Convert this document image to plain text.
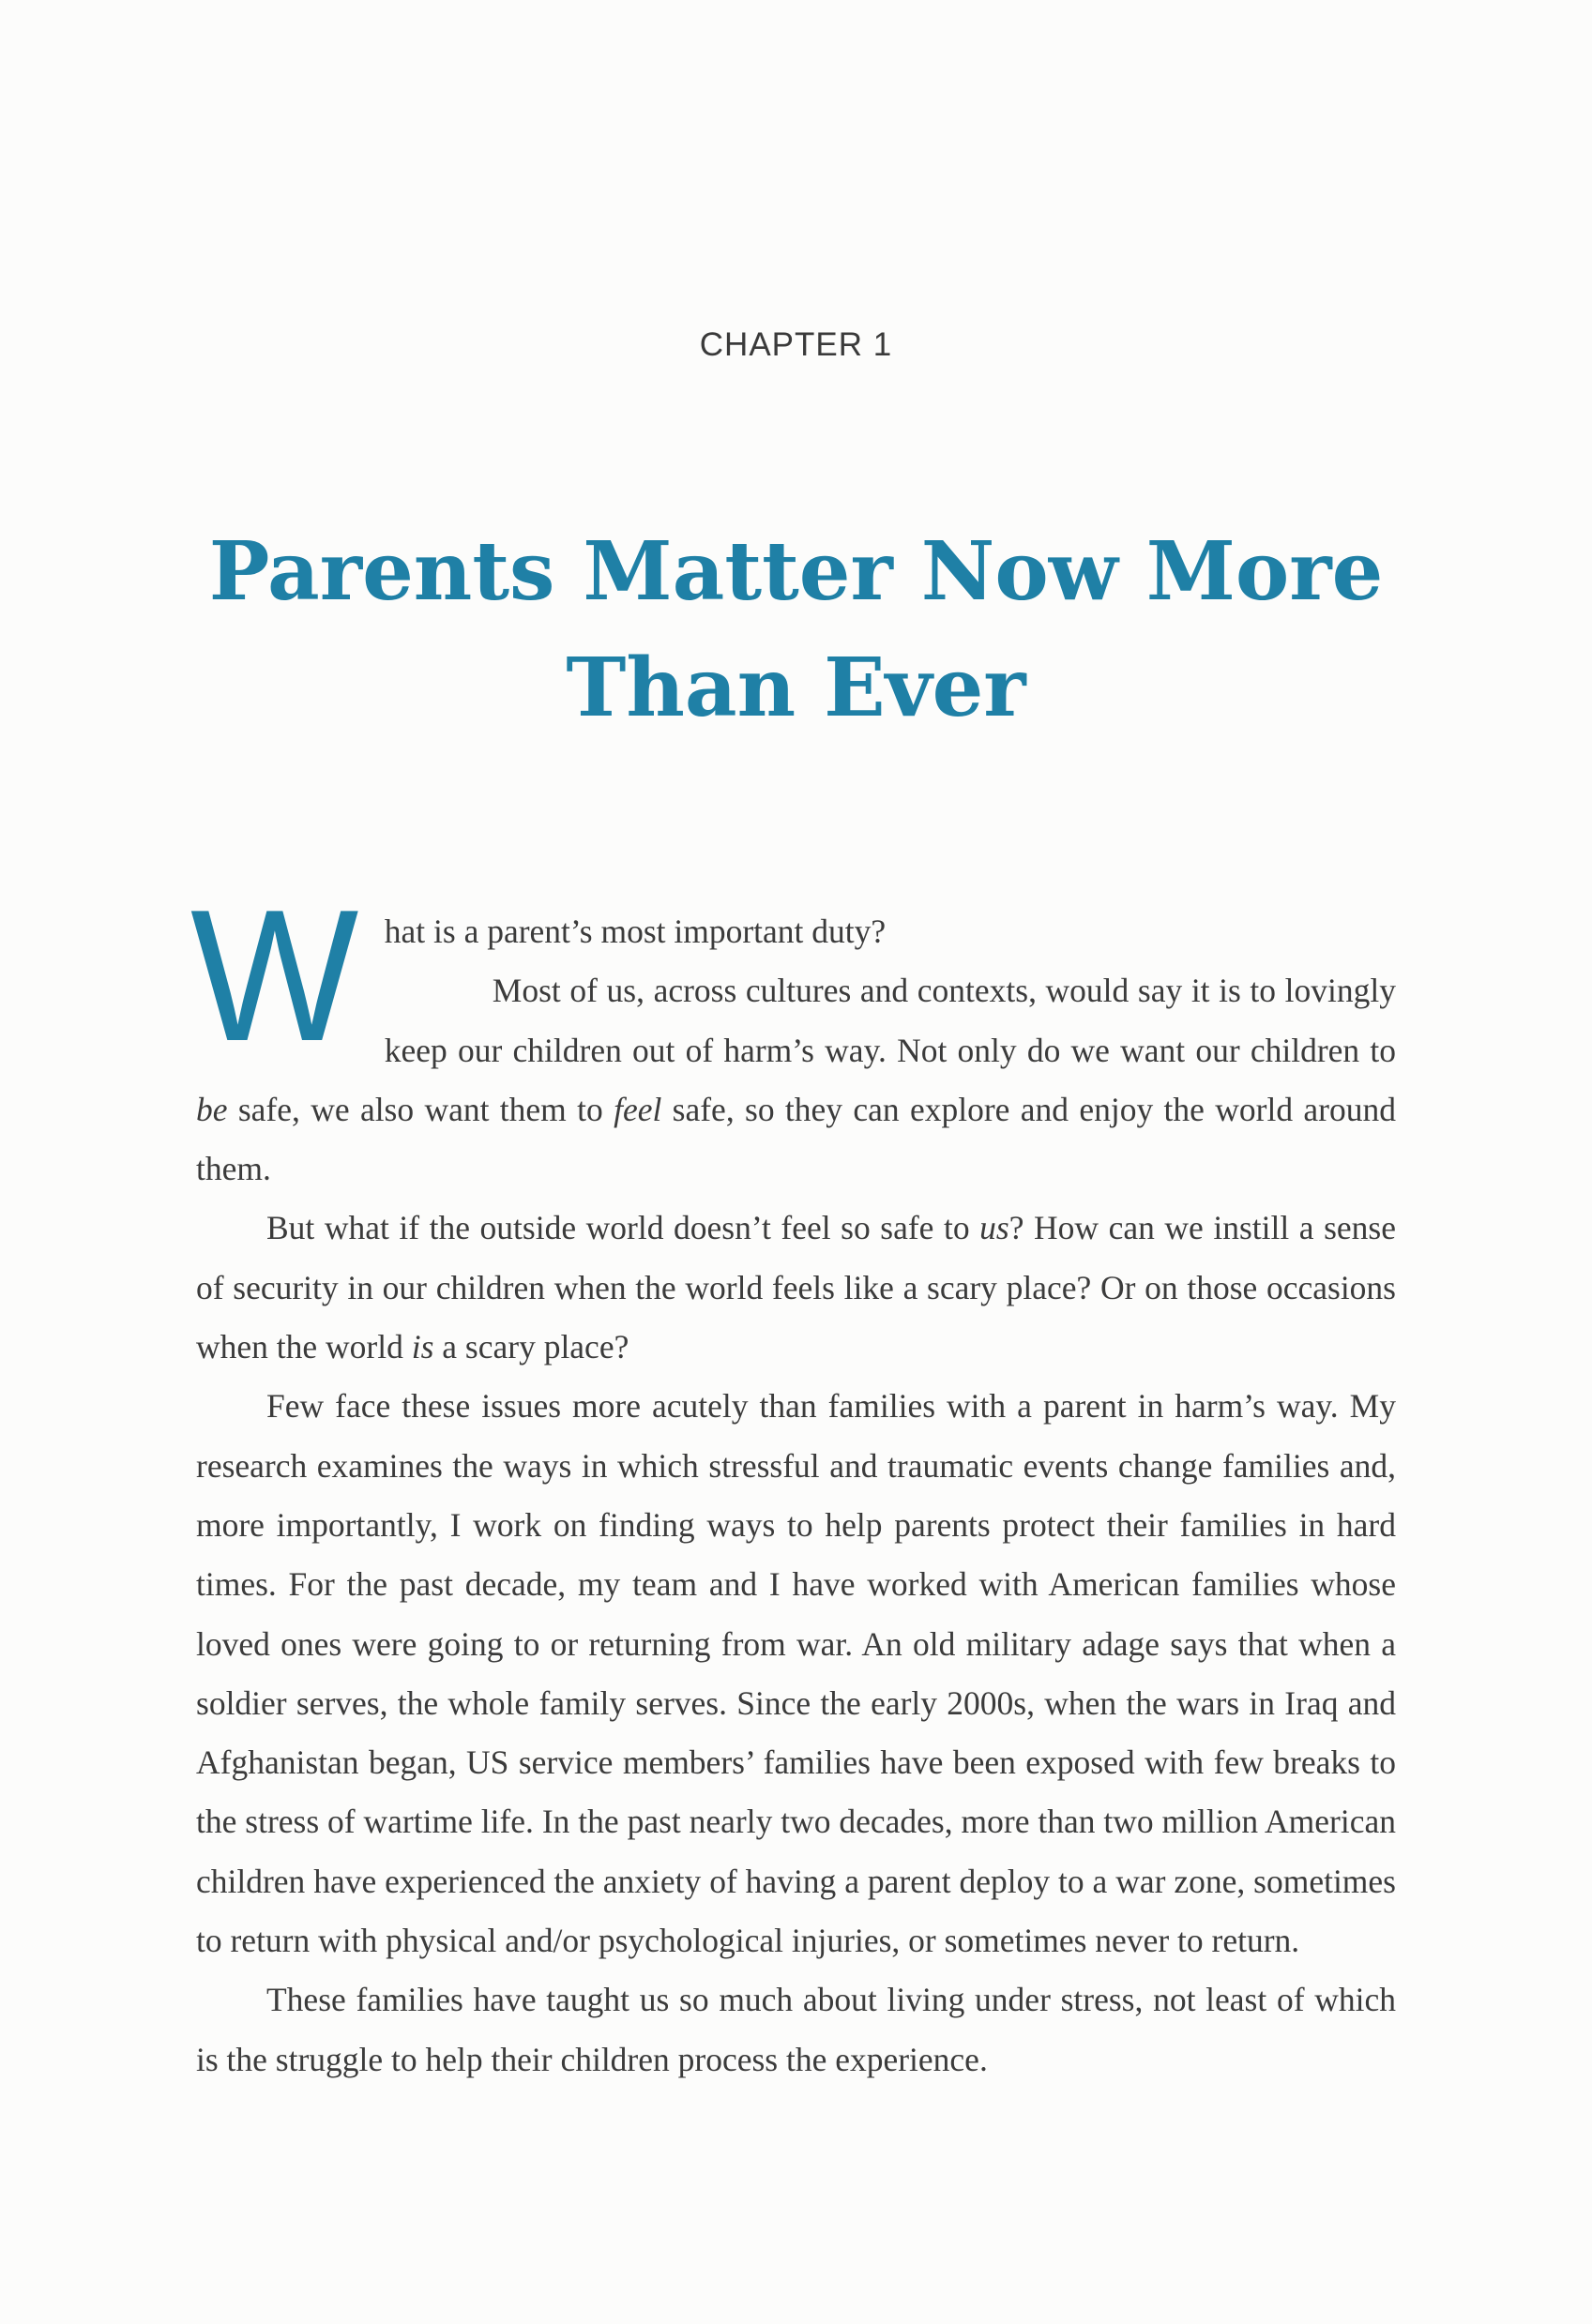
CHAPTER 1
Parents Matter Now More
Than Ever
W hat is a parent’s most important duty?

Most of us, across cultures and contexts, would say it is to lovingly keep our children out of harm’s way. Not only do we want our children to be safe, we also want them to feel safe, so they can explore and enjoy the world around them.

But what if the outside world doesn’t feel so safe to us? How can we instill a sense of security in our children when the world feels like a scary place? Or on those occasions when the world is a scary place?

Few face these issues more acutely than families with a parent in harm’s way. My research examines the ways in which stressful and traumatic events change families and, more importantly, I work on finding ways to help parents protect their families in hard times. For the past decade, my team and I have worked with American families whose loved ones were going to or returning from war. An old military adage says that when a soldier serves, the whole family serves. Since the early 2000s, when the wars in Iraq and Afghanistan began, US service members’ families have been exposed with few breaks to the stress of wartime life. In the past nearly two decades, more than two million American children have experienced the anxiety of having a parent deploy to a war zone, sometimes to return with physical and/or psychological injuries, or sometimes never to return.

These families have taught us so much about living under stress, not least of which is the struggle to help their children process the experience.
